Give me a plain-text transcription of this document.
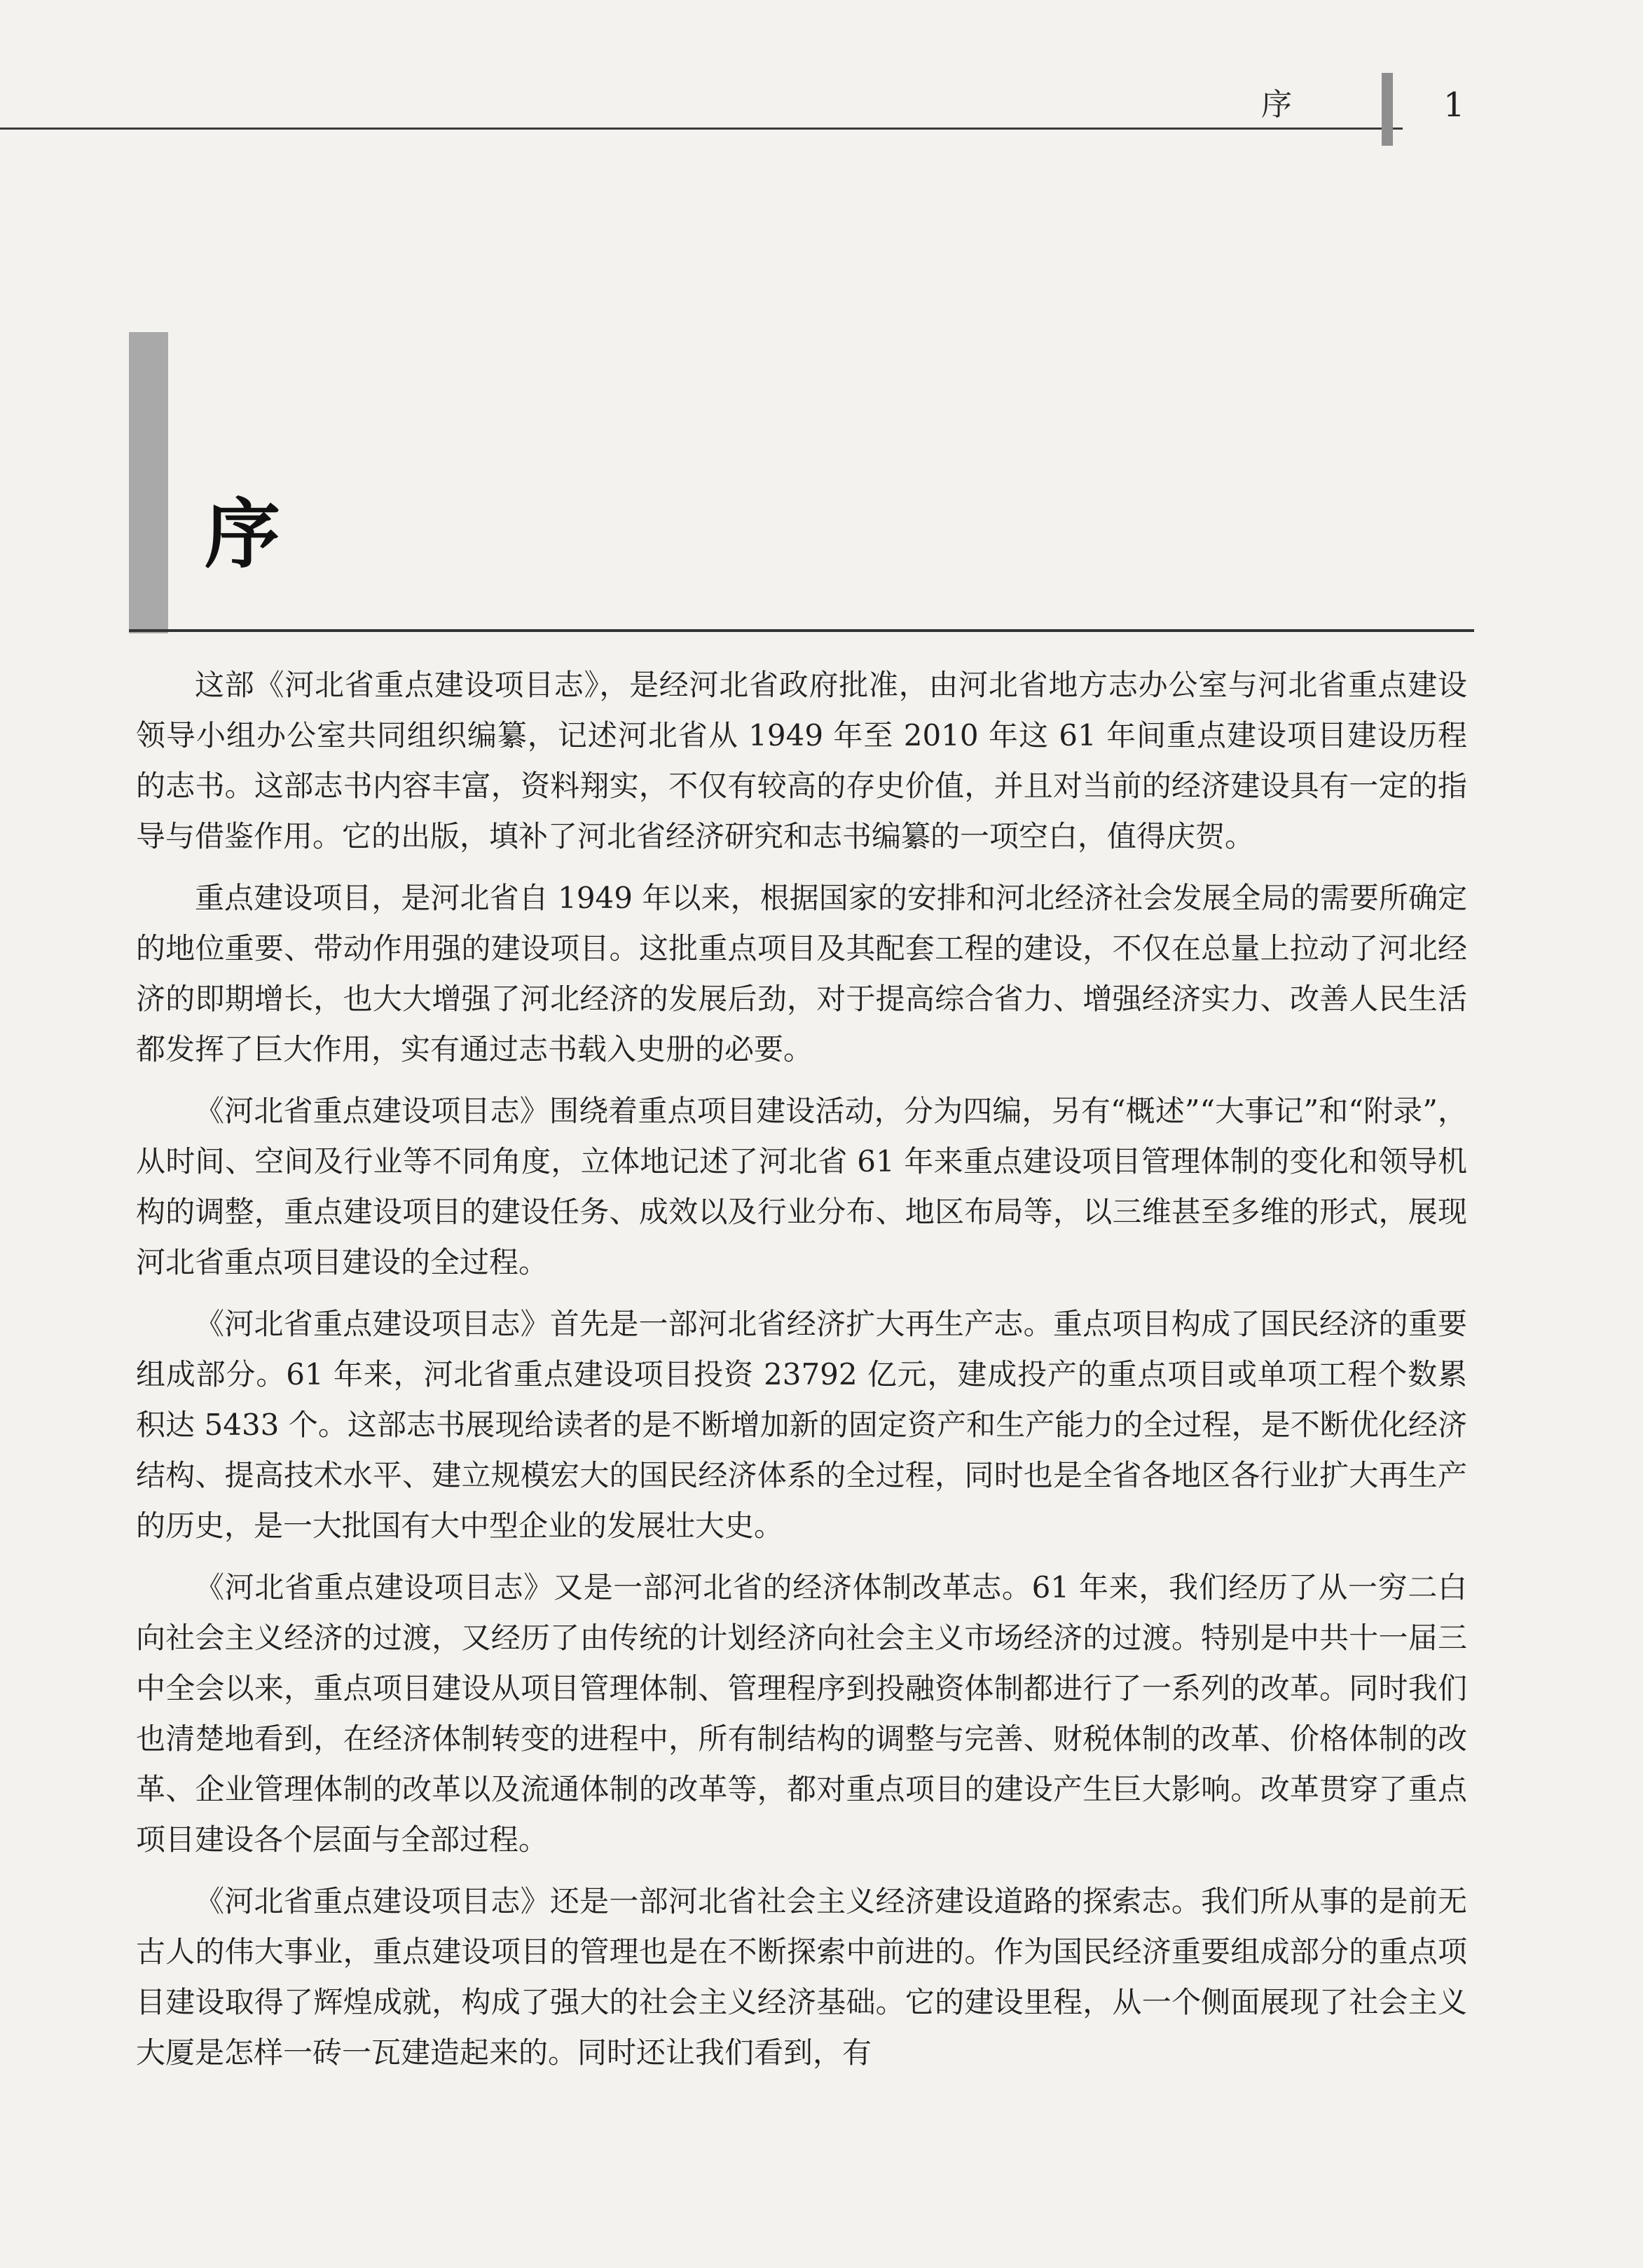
序	1
序

这部《河北省重点建设项目志》，是经河北省政府批准，由河北省地方志办公室与河北省重点建设领导小组办公室共同组织编纂，记述河北省从 1949 年至 2010 年这 61 年间重点建设项目建设历程的志书。这部志书内容丰富，资料翔实，不仅有较高的存史价值，并且对当前的经济建设具有一定的指导与借鉴作用。它的出版，填补了河北省经济研究和志书编纂的一项空白，值得庆贺。

重点建设项目，是河北省自 1949 年以来，根据国家的安排和河北经济社会发展全局的需要所确定的地位重要、带动作用强的建设项目。这批重点项目及其配套工程的建设，不仅在总量上拉动了河北经济的即期增长，也大大增强了河北经济的发展后劲，对于提高综合省力、增强经济实力、改善人民生活都发挥了巨大作用，实有通过志书载入史册的必要。

《河北省重点建设项目志》围绕着重点项目建设活动，分为四编，另有“概述”“大事记”和“附录”，从时间、空间及行业等不同角度，立体地记述了河北省 61 年来重点建设项目管理体制的变化和领导机构的调整，重点建设项目的建设任务、成效以及行业分布、地区布局等，以三维甚至多维的形式，展现河北省重点项目建设的全过程。

《河北省重点建设项目志》首先是一部河北省经济扩大再生产志。重点项目构成了国民经济的重要组成部分。61 年来，河北省重点建设项目投资 23792 亿元，建成投产的重点项目或单项工程个数累积达 5433 个。这部志书展现给读者的是不断增加新的固定资产和生产能力的全过程，是不断优化经济结构、提高技术水平、建立规模宏大的国民经济体系的全过程，同时也是全省各地区各行业扩大再生产的历史，是一大批国有大中型企业的发展壮大史。

《河北省重点建设项目志》又是一部河北省的经济体制改革志。61 年来，我们经历了从一穷二白向社会主义经济的过渡，又经历了由传统的计划经济向社会主义市场经济的过渡。特别是中共十一届三中全会以来，重点项目建设从项目管理体制、管理程序到投融资体制都进行了一系列的改革。同时我们也清楚地看到，在经济体制转变的进程中，所有制结构的调整与完善、财税体制的改革、价格体制的改革、企业管理体制的改革以及流通体制的改革等，都对重点项目的建设产生巨大影响。改革贯穿了重点项目建设各个层面与全部过程。

《河北省重点建设项目志》还是一部河北省社会主义经济建设道路的探索志。我们所从事的是前无古人的伟大事业，重点建设项目的管理也是在不断探索中前进的。作为国民经济重要组成部分的重点项目建设取得了辉煌成就，构成了强大的社会主义经济基础。它的建设里程，从一个侧面展现了社会主义大厦是怎样一砖一瓦建造起来的。同时还让我们看到，有
